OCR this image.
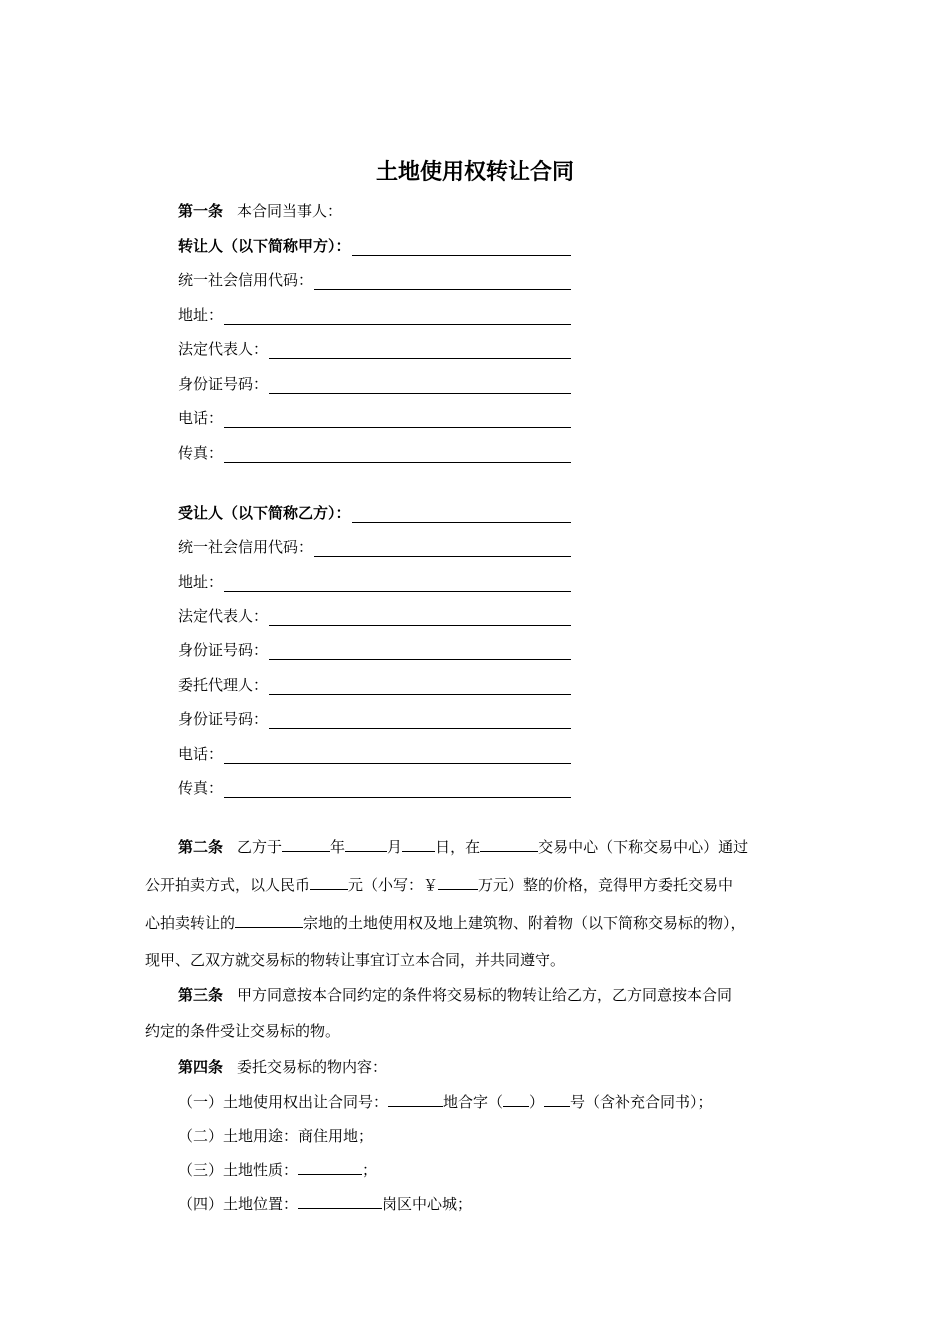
土地使用权转让合同
第一条 本合同当事人：
转让人（以下简称甲方）：
统一社会信用代码：
地址：
法定代表人：
身份证号码：
电话：
传真：
受让人（以下简称乙方）：
统一社会信用代码：
地址：
法定代表人：
身份证号码：
委托代理人：
身份证号码：
电话：
传真：
第二条 乙方于	年	月 日，在	交易中心（下称交易中心）通过
公开拍卖方式，以人民币	元（小写：￥	万元）整的价格，竞得甲方委托交易中
心拍卖转让的	宗地的土地使用权及地上建筑物、附着物（以下简称交易标的物），
现甲、乙双方就交易标的物转让事宜订立本合同，并共同遵守。
第三条 甲方同意按本合同约定的条件将交易标的物转让给乙方，乙方同意按本合同
约定的条件受让交易标的物。
第四条 委托交易标的物内容：
（一）土地使用权出让合同号：	地合字（ ） 号（含补充合同书）；
（二）土地用途：商住用地；
（三）土地性质：	；
（四）土地位置：	岗区中心城；
